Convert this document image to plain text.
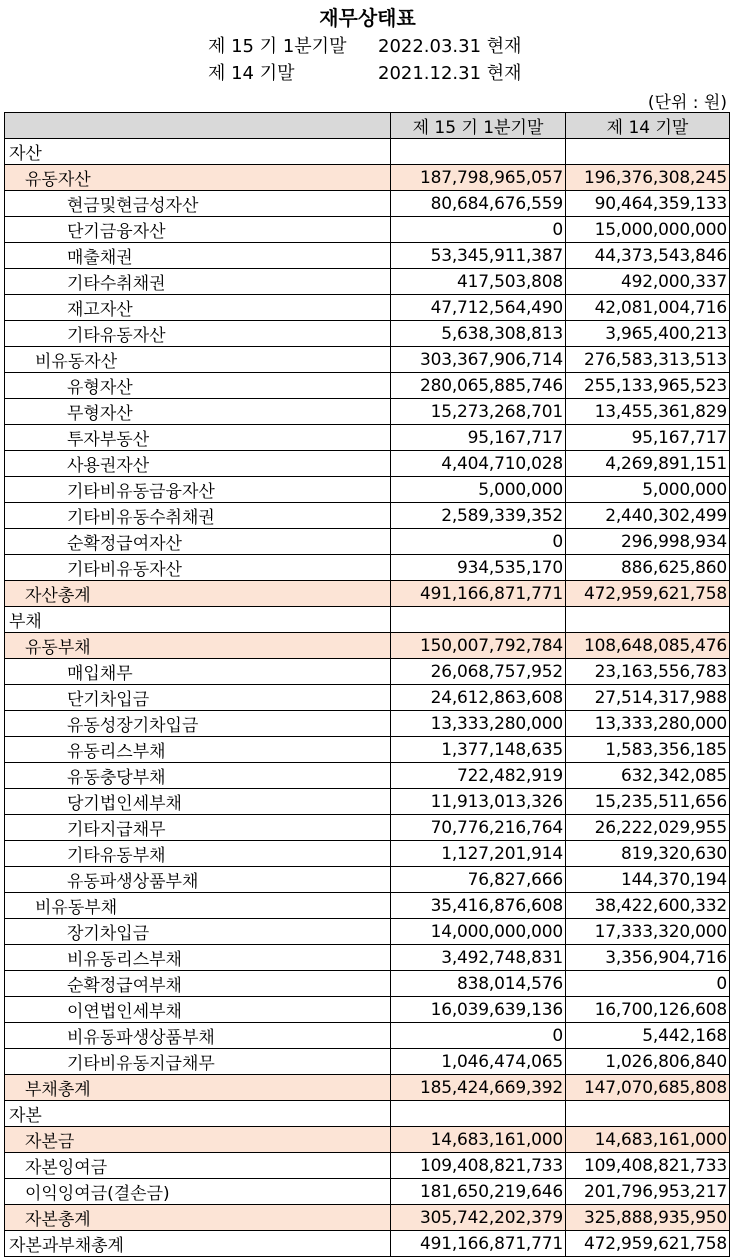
재무상태표
제 15 기 1분기말 2022.03.31 현재
제 14 기말	2021.12.31 현재
(단위 : 원)
	제 15 기 1분기말	제 14 기말
자산		
유동자산	187,798,965,057	196,376,308,245
현금및현금성자산	80,684,676,559	90,464,359,133
단기금융자산	0	15,000,000,000
매출채권	53,345,911,387	44,373,543,846
기타수취채권	417,503,808	492,000,337
재고자산	47,712,564,490	42,081,004,716
기타유동자산	5,638,308,813	3,965,400,213
비유동자산	303,367,906,714	276,583,313,513
유형자산	280,065,885,746	255,133,965,523
무형자산	15,273,268,701	13,455,361,829
투자부동산	95,167,717	95,167,717
사용권자산	4,404,710,028	4,269,891,151
기타비유동금융자산	5,000,000	5,000,000
기타비유동수취채권	2,589,339,352	2,440,302,499
순확정급여자산	0	296,998,934
기타비유동자산	934,535,170	886,625,860
자산총계	491,166,871,771	472,959,621,758
부채		
유동부채	150,007,792,784	108,648,085,476
매입채무	26,068,757,952	23,163,556,783
단기차입금	24,612,863,608	27,514,317,988
유동성장기차입금	13,333,280,000	13,333,280,000
유동리스부채	1,377,148,635	1,583,356,185
유동충당부채	722,482,919	632,342,085
당기법인세부채	11,913,013,326	15,235,511,656
기타지급채무	70,776,216,764	26,222,029,955
기타유동부채	1,127,201,914	819,320,630
유동파생상품부채	76,827,666	144,370,194
비유동부채	35,416,876,608	38,422,600,332
장기차입금	14,000,000,000	17,333,320,000
비유동리스부채	3,492,748,831	3,356,904,716
순확정급여부채	838,014,576	0
이연법인세부채	16,039,639,136	16,700,126,608
비유동파생상품부채	0	5,442,168
기타비유동지급채무	1,046,474,065	1,026,806,840
부채총계	185,424,669,392	147,070,685,808
자본		
자본금	14,683,161,000	14,683,161,000
자본잉여금	109,408,821,733	109,408,821,733
이익잉여금(결손금)	181,650,219,646	201,796,953,217
자본총계	305,742,202,379	325,888,935,950
자본과부채총계	491,166,871,771	472,959,621,758
